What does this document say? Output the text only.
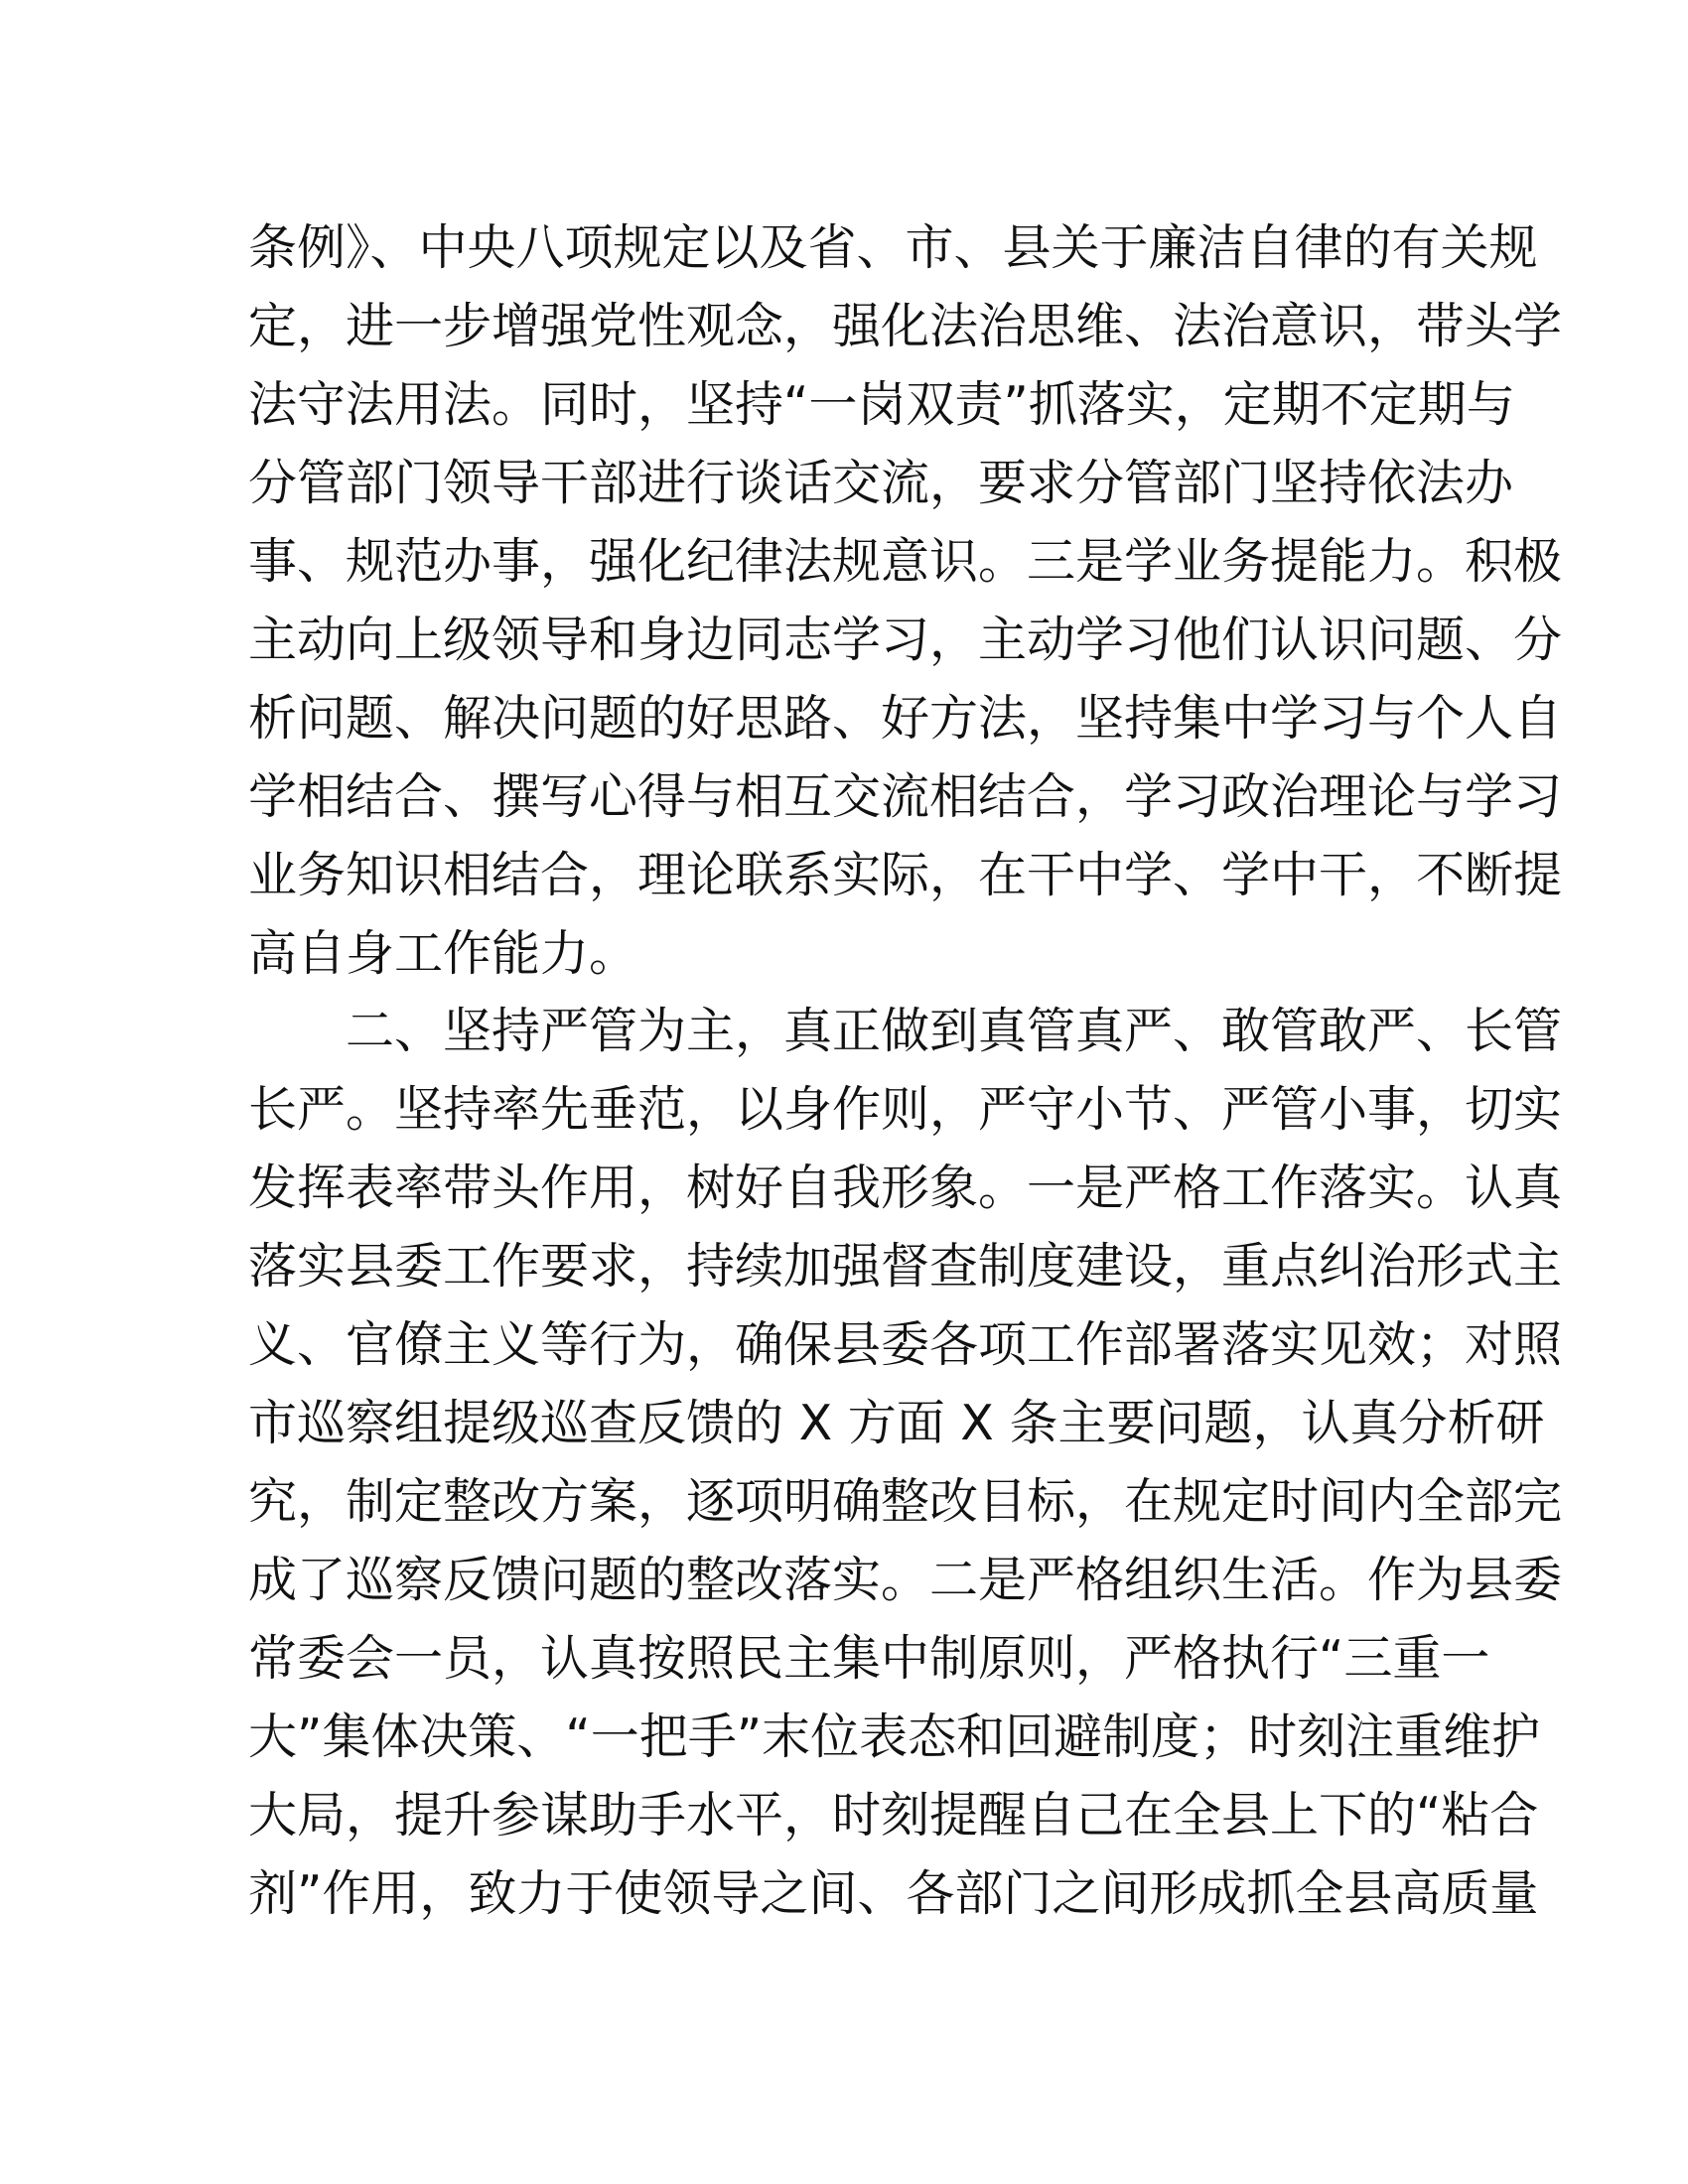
条例》、中央八项规定以及省、市、县关于廉洁自律的有关规
定，进一步增强党性观念，强化法治思维、法治意识，带头学
法守法用法。同时，坚持“一岗双责”抓落实，定期不定期与
分管部门领导干部进行谈话交流，要求分管部门坚持依法办
事、规范办事，强化纪律法规意识。三是学业务提能力。积极
主动向上级领导和身边同志学习，主动学习他们认识问题、分
析问题、解决问题的好思路、好方法，坚持集中学习与个人自
学相结合、撰写心得与相互交流相结合，学习政治理论与学习
业务知识相结合，理论联系实际，在干中学、学中干，不断提
高自身工作能力。
二、坚持严管为主，真正做到真管真严、敢管敢严、长管
长严。坚持率先垂范，以身作则，严守小节、严管小事，切实
发挥表率带头作用，树好自我形象。一是严格工作落实。认真
落实县委工作要求，持续加强督查制度建设，重点纠治形式主
义、官僚主义等行为，确保县委各项工作部署落实见效；对照
市巡察组提级巡查反馈的 X 方面 X 条主要问题，认真分析研
究，制定整改方案，逐项明确整改目标，在规定时间内全部完
成了巡察反馈问题的整改落实。二是严格组织生活。作为县委
常委会一员，认真按照民主集中制原则，严格执行“三重一
大”集体决策、“一把手”末位表态和回避制度；时刻注重维护
大局，提升参谋助手水平，时刻提醒自己在全县上下的“粘合
剂”作用，致力于使领导之间、各部门之间形成抓全县高质量
